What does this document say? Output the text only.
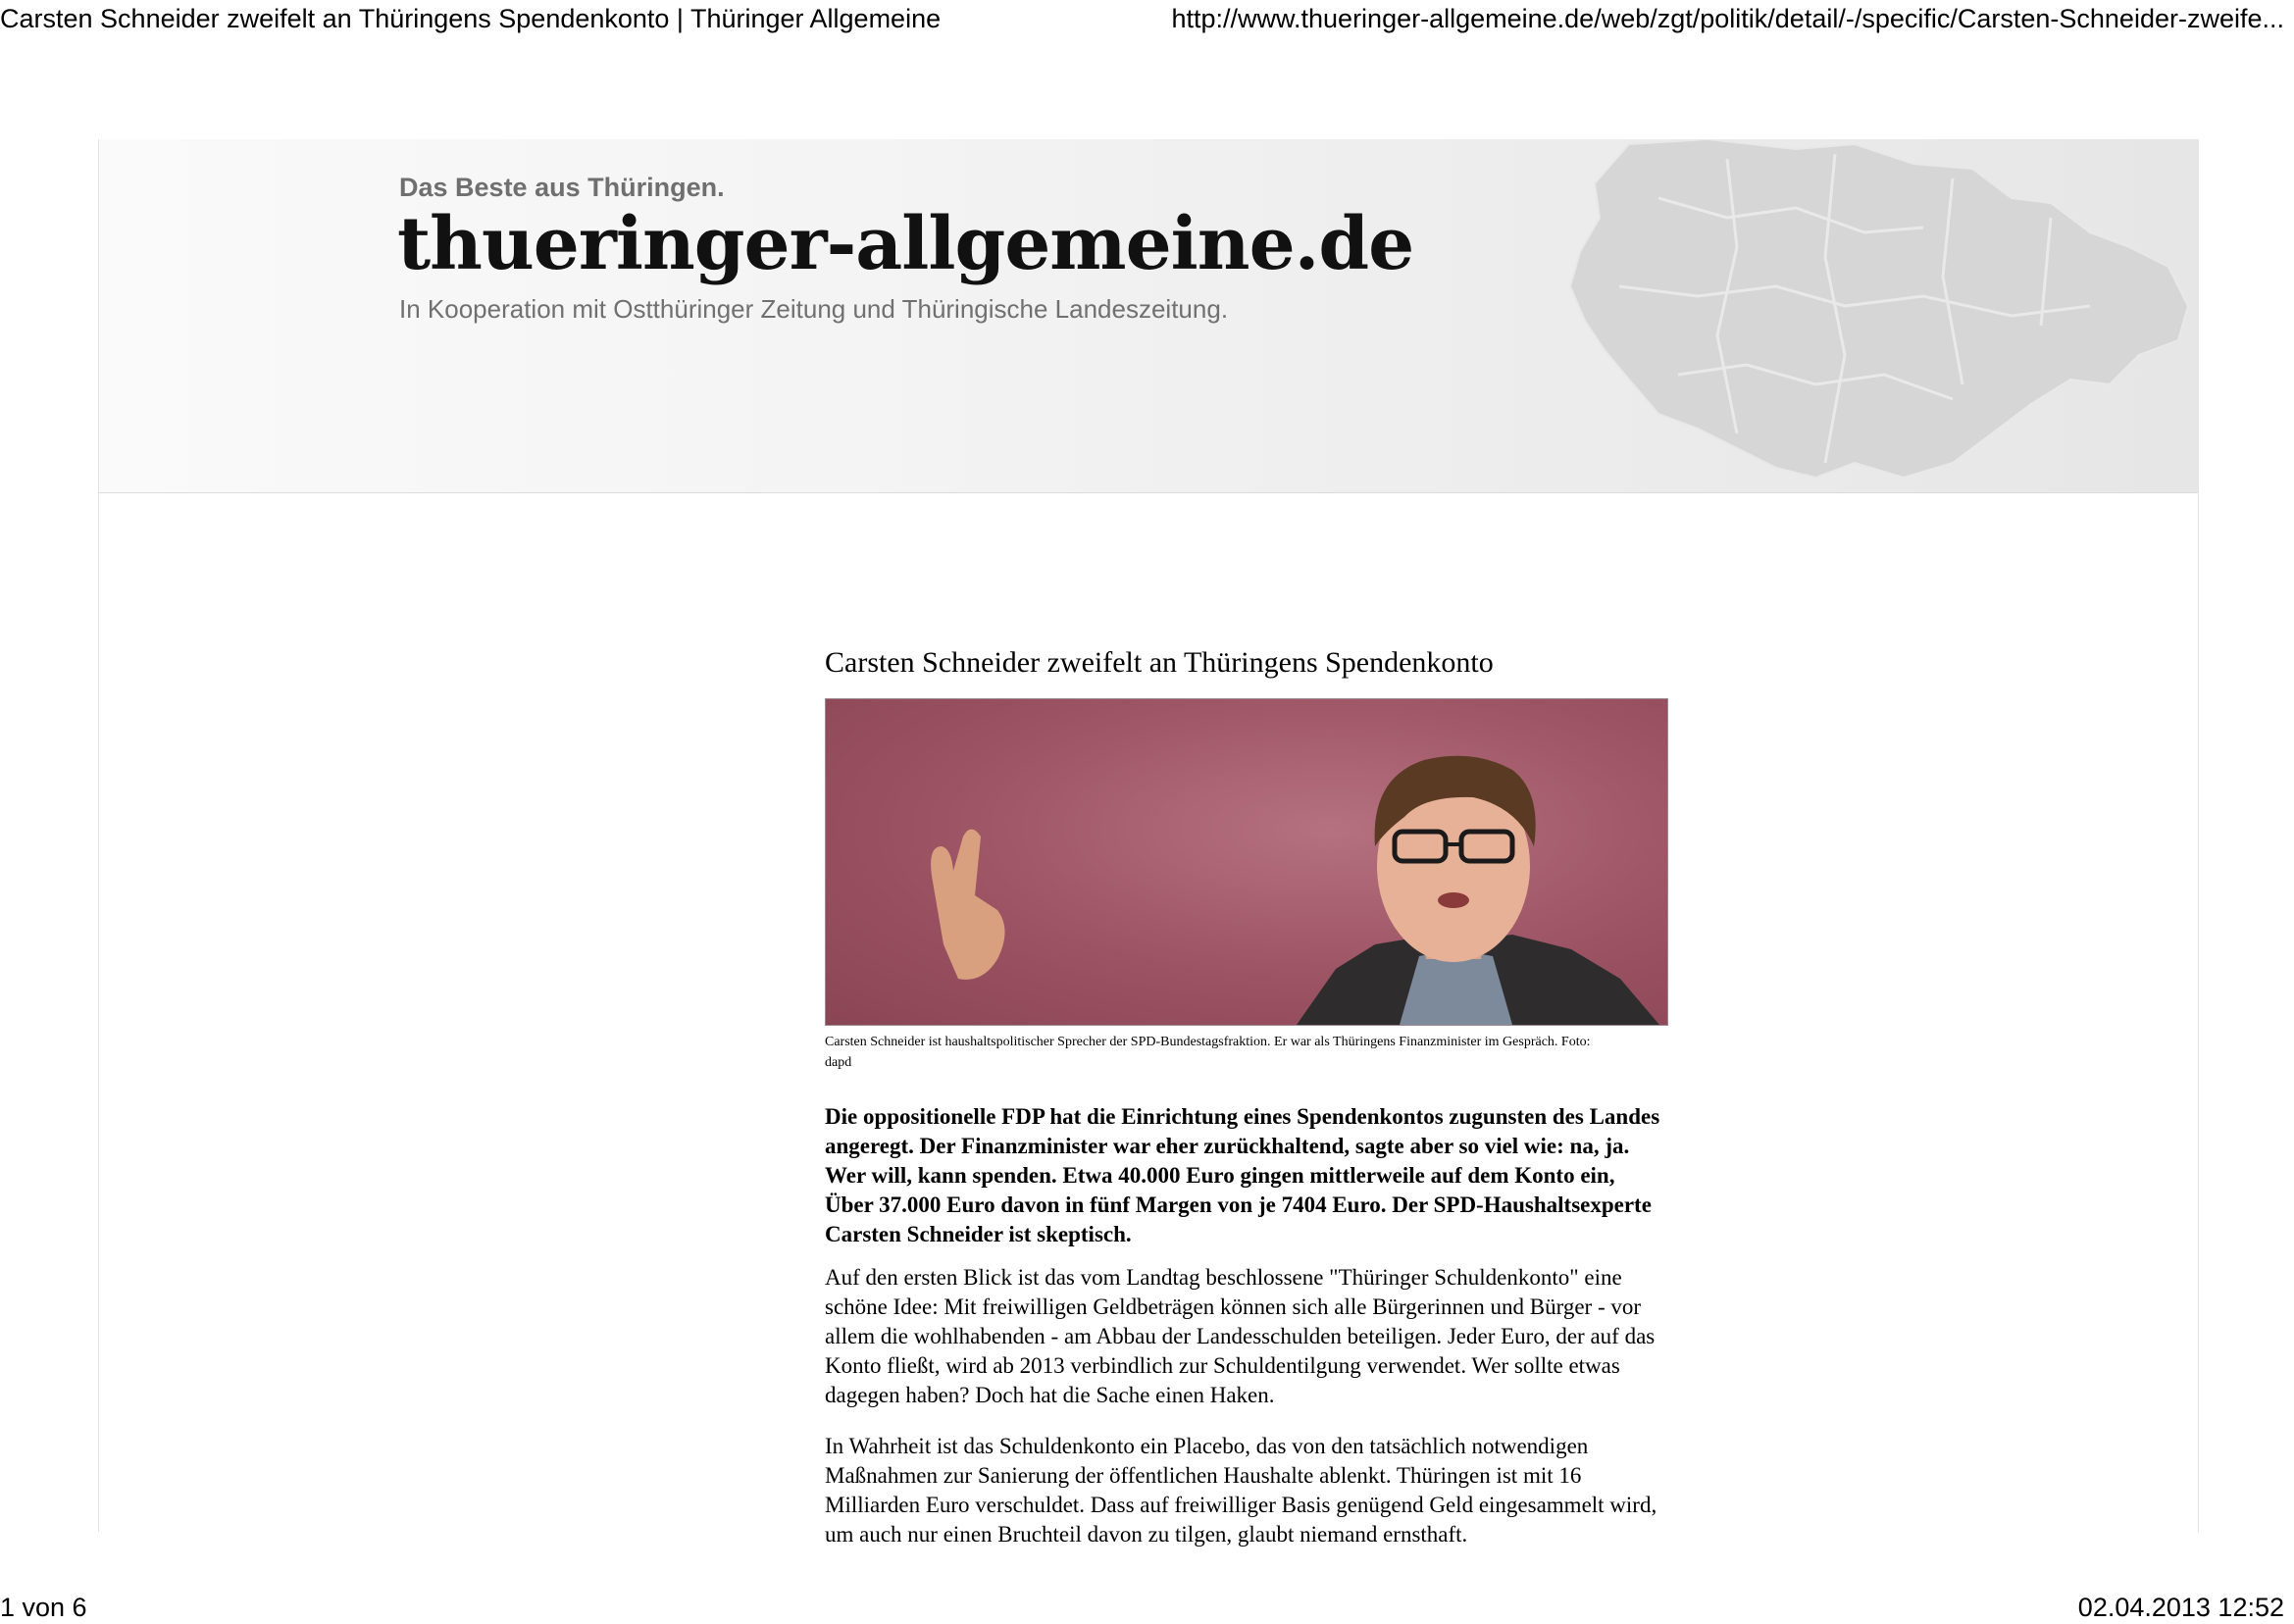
Carsten Schneider zweifelt an Thüringens Spendenkonto | Thüringer Allgemeine	http://www.thueringer-allgemeine.de/web/zgt/politik/detail/-/specific/Carsten-Schneider-zweife...
Das Beste aus Thüringen.
thueringer-allgemeine.de
In Kooperation mit Ostthüringer Zeitung und Thüringische Landeszeitung.
Carsten Schneider zweifelt an Thüringens Spendenkonto
Carsten Schneider ist haushaltspolitischer Sprecher der SPD-Bundestagsfraktion. Er war als Thüringens Finanzminister im Gespräch. Foto: dapd
Die oppositionelle FDP hat die Einrichtung eines Spendenkontos zugunsten des Landes angeregt. Der Finanzminister war eher zurückhaltend, sagte aber so viel wie: na, ja. Wer will, kann spenden. Etwa 40.000 Euro gingen mittlerweile auf dem Konto ein, Über 37.000 Euro davon in fünf Margen von je 7404 Euro. Der SPD-Haushaltsexperte Carsten Schneider ist skeptisch.
Auf den ersten Blick ist das vom Landtag beschlossene "Thüringer Schuldenkonto" eine schöne Idee: Mit freiwilligen Geldbeträgen können sich alle Bürgerinnen und Bürger - vor allem die wohlhabenden - am Abbau der Landesschulden beteiligen. Jeder Euro, der auf das Konto fließt, wird ab 2013 verbindlich zur Schuldentilgung verwendet. Wer sollte etwas dagegen haben? Doch hat die Sache einen Haken.
In Wahrheit ist das Schuldenkonto ein Placebo, das von den tatsächlich notwendigen Maßnahmen zur Sanierung der öffentlichen Haushalte ablenkt. Thüringen ist mit 16 Milliarden Euro verschuldet. Dass auf freiwilliger Basis genügend Geld eingesammelt wird, um auch nur einen Bruchteil davon zu tilgen, glaubt niemand ernsthaft.
1 von 6	02.04.2013 12:52
